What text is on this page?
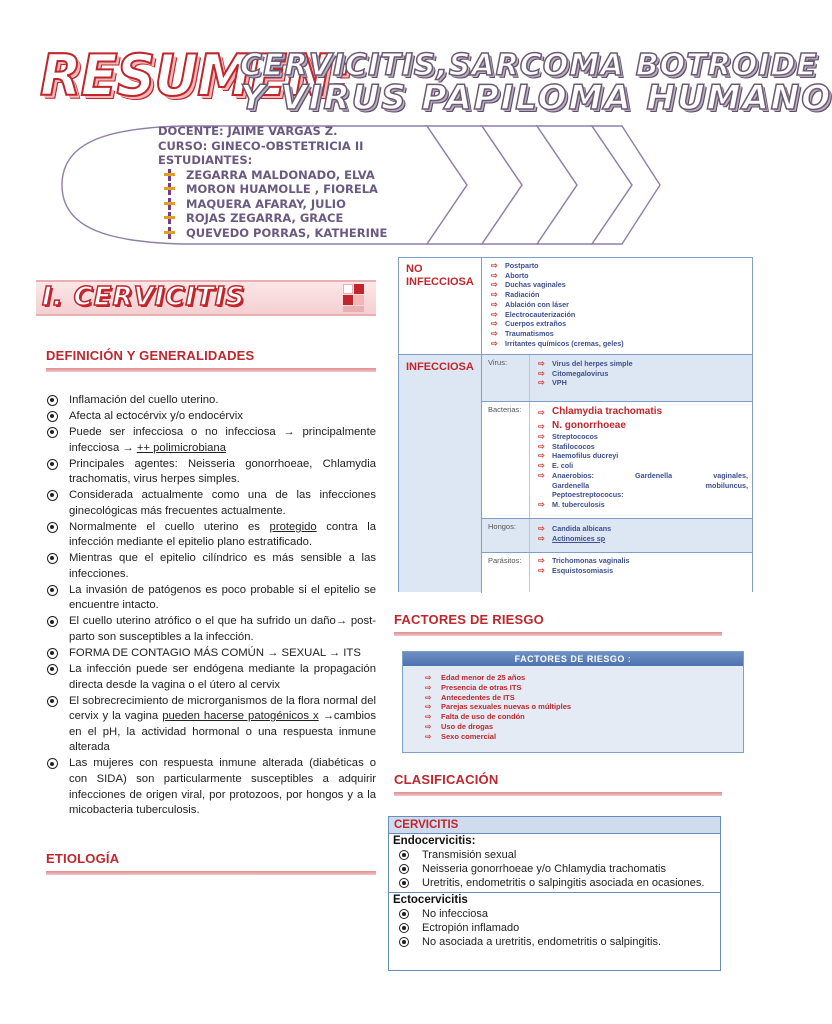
RESUMEN:
CERVICITIS,SARCOMA BOTROIDE
Y VIRUS PAPILOMA HUMANO
DOCENTE: JAIME VARGAS Z.
CURSO: GINECO-OBSTETRICIA II
ESTUDIANTES:
ZEGARRA MALDONADO, ELVA
MORON HUAMOLLE , FIORELA
MAQUERA AFARAY, JULIO
ROJAS ZEGARRA, GRACE
QUEVEDO PORRAS, KATHERINE
I. CERVICITIS
DEFINICIÓN Y GENERALIDADES
Inflamación del cuello uterino.
Afecta al ectocérvix y/o endocérvix
Puede ser infecciosa o no infecciosa → principalmente infecciosa → ++ polimicrobiana
Principales agentes: Neisseria gonorrhoeae, Chlamydia trachomatis, virus herpes simples.
Considerada actualmente como una de las infecciones ginecológicas más frecuentes actualmente.
Normalmente el cuello uterino es protegido contra la infección mediante el epitelio plano estratificado.
Mientras que el epitelio cilíndrico es más sensible a las infecciones.
La invasión de patógenos es poco probable si el epitelio se encuentre intacto.
El cuello uterino atrófico o el que ha sufrido un daño→ post-parto son susceptibles a la infección.
FORMA DE CONTAGIO MÁS COMÚN → SEXUAL → ITS
La infección puede ser endógena mediante la propagación directa desde la vagina o el útero al cervix
El sobrecrecimiento de microrganismos de la flora normal del cervix y la vagina pueden hacerse patogénicos x →cambios en el pH, la actividad hormonal o una respuesta inmune alterada
Las mujeres con respuesta inmune alterada (diabéticas o con SIDA) son particularmente susceptibles a adquirir infecciones de origen viral, por protozoos, por hongos y a la micobacteria tuberculosis.
ETIOLOGÍA
NO INFECCIOSA
⇨ Postparto
⇨ Aborto
⇨ Duchas vaginales
⇨ Radiación
⇨ Ablación con láser
⇨ Electrocauterización
⇨ Cuerpos extraños
⇨ Traumatismos
⇨ Irritantes químicos (cremas, geles)
INFECCIOSA Virus:	⇨ Virus del herpes simple
⇨ Citomegalovirus
⇨ VPH
Bacterias: ⇨ Chlamydia trachomatis
⇨ N. gonorrhoeae
⇨ Streptococos
⇨ Stafilococos
⇨ Haemofilus ducreyi
⇨ E. coli
⇨ Anaerobios:	Gardenella	vaginales,
Gardenella	mobiluncus,
Peptoestreptococus:
⇨ M. tuberculosis
Hongos:	⇨ Candida albicans
⇨ Actinomices sp
Parásitos: ⇨ Trichomonas vaginalis
⇨ Esquistosomiasis
FACTORES DE RIESGO
FACTORES DE RIESGO :
⇨ Edad menor de 25 años
⇨ Presencia de otras ITS
⇨ Antecedentes de ITS
⇨ Parejas sexuales nuevas o múltiples
⇨ Falta de uso de condón
⇨ Uso de drogas
⇨ Sexo comercial
CLASIFICACIÓN
CERVICITIS
Endocervicitis:
Transmisión sexual
Neisseria gonorrhoeae y/o Chlamydia trachomatis
Uretritis, endometritis o salpingitis asociada en ocasiones.
Ectocervicitis
No infecciosa
Ectropión inflamado
No asociada a uretritis, endometritis o salpingitis.
